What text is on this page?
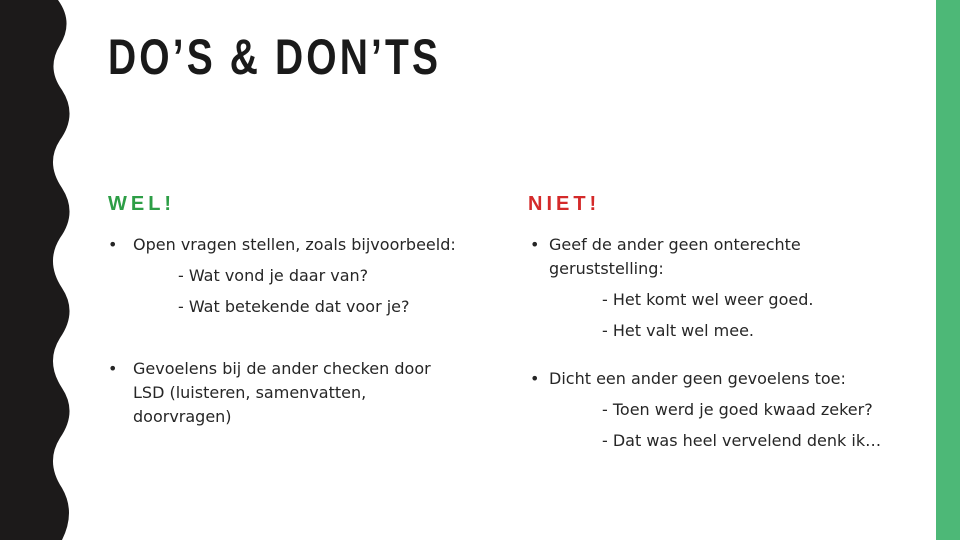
DO’S & DON’TS
WEL!
• Open vragen stellen, zoals bijvoorbeeld:
- Wat vond je daar van?
- Wat betekende dat voor je?
• Gevoelens bij de ander checken door
LSD (luisteren, samenvatten,
doorvragen)
NIET!
• Geef de ander geen onterechte
geruststelling:
- Het komt wel weer goed.
- Het valt wel mee.
• Dicht een ander geen gevoelens toe:
- Toen werd je goed kwaad zeker?
- Dat was heel vervelend denk ik…
